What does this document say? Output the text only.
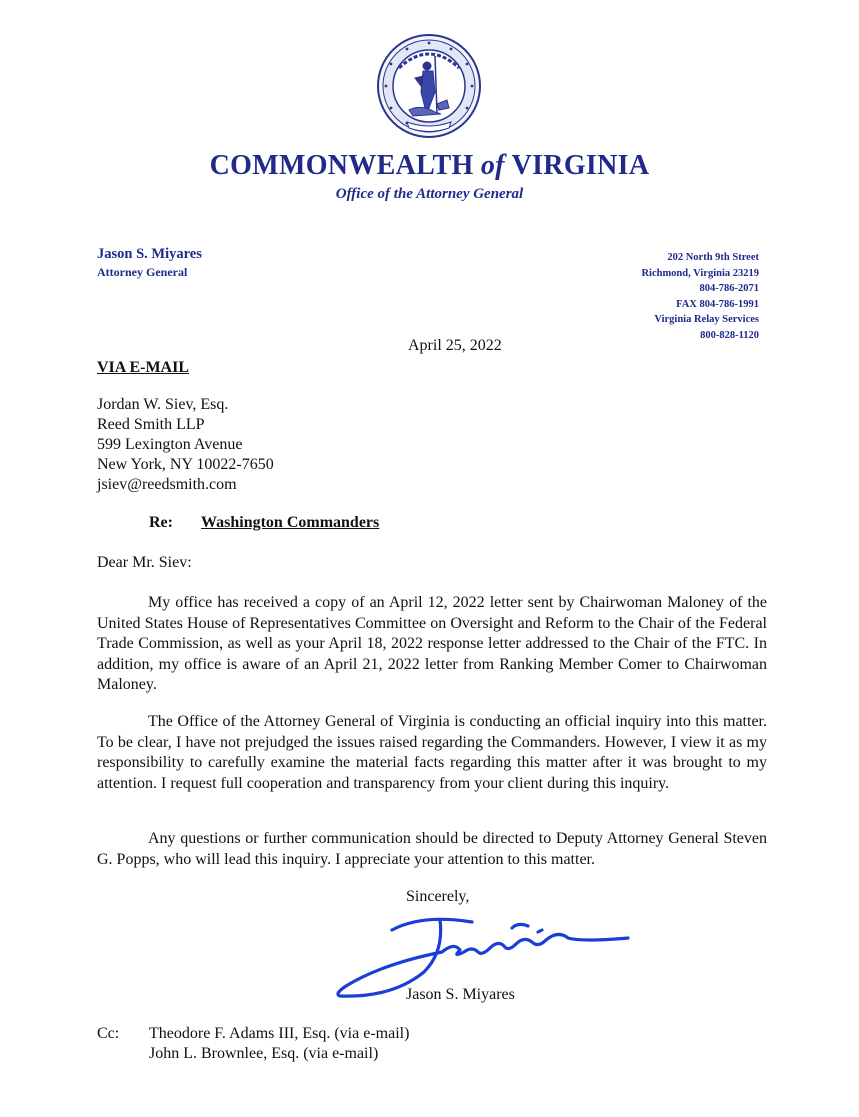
COMMONWEALTH of VIRGINIA
Office of the Attorney General
Jason S. Miyares
Attorney General
202 North 9th Street
Richmond, Virginia 23219
804-786-2071
FAX 804-786-1991
Virginia Relay Services
800-828-1120
April 25, 2022
VIA E-MAIL
Jordan W. Siev, Esq.
Reed Smith LLP
599 Lexington Avenue
New York, NY 10022-7650
jsiev@reedsmith.com
Re: Washington Commanders
Dear Mr. Siev:

My office has received a copy of an April 12, 2022 letter sent by Chairwoman Maloney of the United States House of Representatives Committee on Oversight and Reform to the Chair of the Federal Trade Commission, as well as your April 18, 2022 response letter addressed to the Chair of the FTC. In addition, my office is aware of an April 21, 2022 letter from Ranking Member Comer to Chairwoman Maloney.

The Office of the Attorney General of Virginia is conducting an official inquiry into this matter. To be clear, I have not prejudged the issues raised regarding the Commanders. However, I view it as my responsibility to carefully examine the material facts regarding this matter after it was brought to my attention. I request full cooperation and transparency from your client during this inquiry.

Any questions or further communication should be directed to Deputy Attorney General Steven G. Popps, who will lead this inquiry. I appreciate your attention to this matter.

Sincerely,
Jason S. Miyares
Cc: Theodore F. Adams III, Esq. (via e-mail)
John L. Brownlee, Esq. (via e-mail)
